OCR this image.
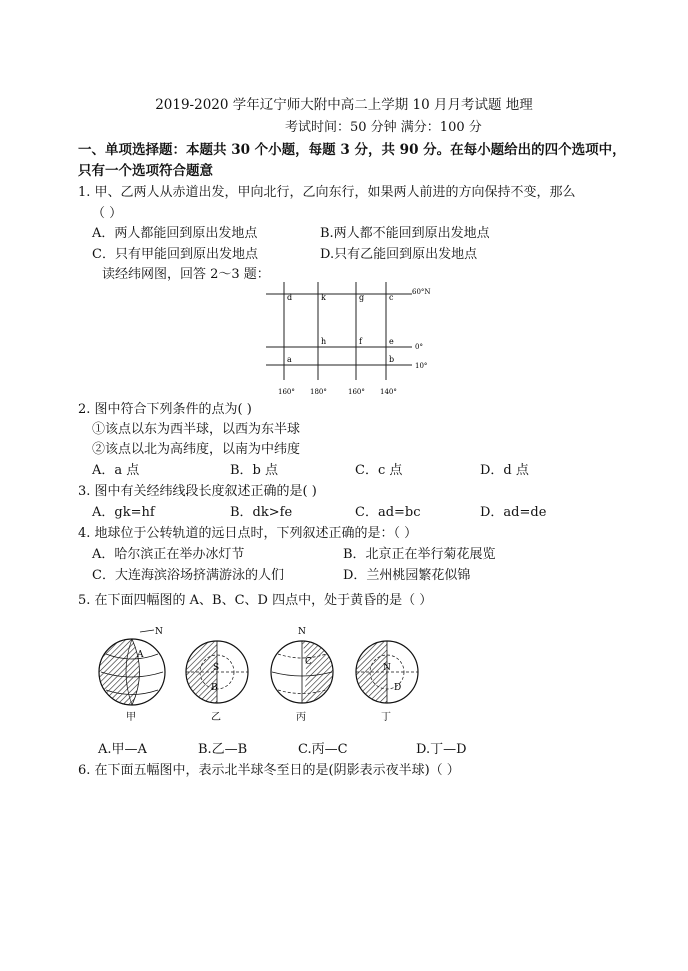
2019-2020 学年辽宁师大附中高二上学期 10 月月考试题 地理
考试时间：50 分钟 满分：100 分
一、单项选择题：本题共 30 个小题，每题 3 分，共 90 分。在每小题给出的四个选项中，
只有一个选项符合题意
1. 甲、乙两人从赤道出发，甲向北行，乙向东行，如果两人前进的方向保持不变，那么
（ ）
A．两人都能回到原出发地点	B.两人都不能回到原出发地点
C．只有甲能回到原出发地点	D.只有乙能回到原出发地点
读经纬网图，回答 2～3 题：
60°N
0°
10°
160° 180°	160° 140°
d	k	g	c
h	f	e
a	b
2. 图中符合下列条件的点为( )
①该点以东为西半球，以西为东半球
②该点以北为高纬度，以南为中纬度
A．a 点	B．b 点	C．c 点	D．d 点
3. 图中有关经纬线段长度叙述正确的是( )
A．gk=hf	B．dk>fe	C．ad=bc	D．ad=de
4. 地球位于公转轨道的远日点时，下列叙述正确的是：（ ）
A．哈尔滨正在举办冰灯节	B．北京正在举行菊花展览
C．大连海滨浴场挤满游泳的人们	D．兰州桃园繁花似锦
5. 在下面四幅图的 A、B、C、D 四点中，处于黄昏的是（ ）
N
A
甲
S
B
乙
N
C
丙
N
D
丁
A.甲—A	B.乙—B	C.丙—C	D.丁—D
6. 在下面五幅图中，表示北半球冬至日的是(阴影表示夜半球)（ ）
